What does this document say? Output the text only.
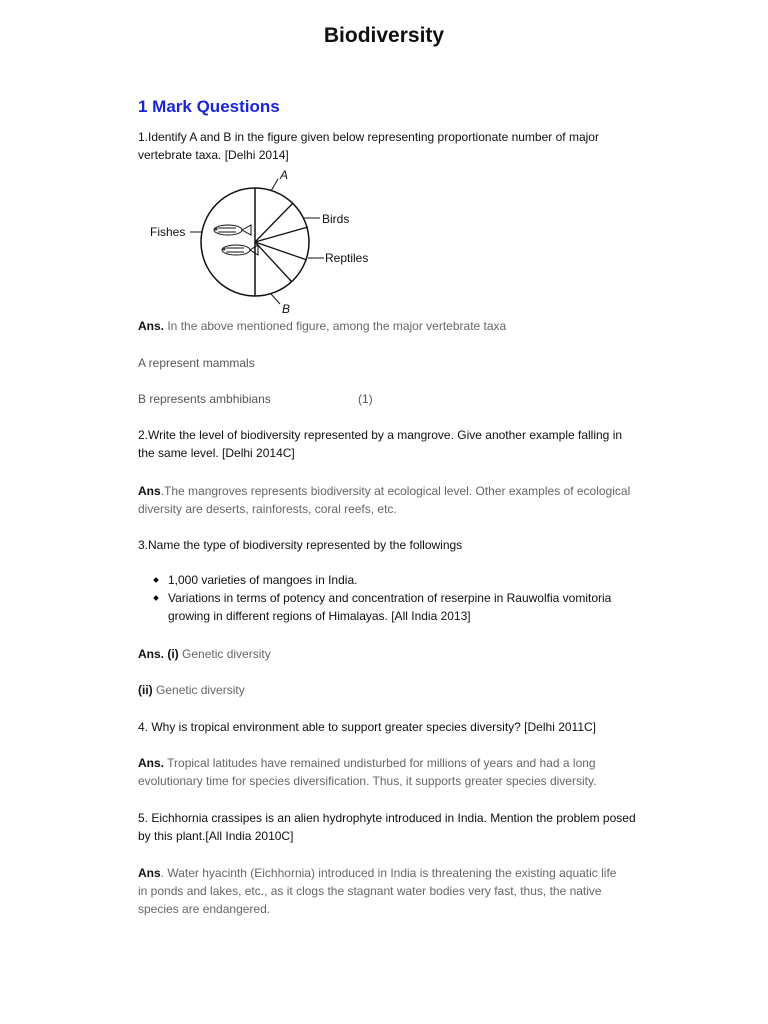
Biodiversity
1 Mark Questions
1.Identify A and B in the figure given below representing proportionate number of major vertebrate taxa. [Delhi 2014]
A
B
Fishes
Birds
Reptiles
Ans. In the above mentioned figure, among the major vertebrate taxa
A represent mammals
B represents ambhibians	(1)
2.Write the level of biodiversity represented by a mangrove. Give another example falling in the same level. [Delhi 2014C]
Ans.The mangroves represents biodiversity at ecological level. Other examples of ecological diversity are deserts, rainforests, coral reefs, etc.
3.Name the type of biodiversity represented by the followings
1,000 varieties of mangoes in India.
Variations in terms of potency and concentration of reserpine in Rauwolfia vomitoria growing in different regions of Himalayas. [All India 2013]
Ans. (i) Genetic diversity
(ii) Genetic diversity
4. Why is tropical environment able to support greater species diversity? [Delhi 2011C]
Ans. Tropical latitudes have remained undisturbed for millions of years and had a long evolutionary time for species diversification. Thus, it supports greater species diversity.
5. Eichhornia crassipes is an alien hydrophyte introduced in India. Mention the problem posed by this plant.[All India 2010C]
Ans. Water hyacinth (Eichhornia) introduced in India is threatening the existing aquatic life in ponds and lakes, etc., as it clogs the stagnant water bodies very fast, thus, the native species are endangered.
